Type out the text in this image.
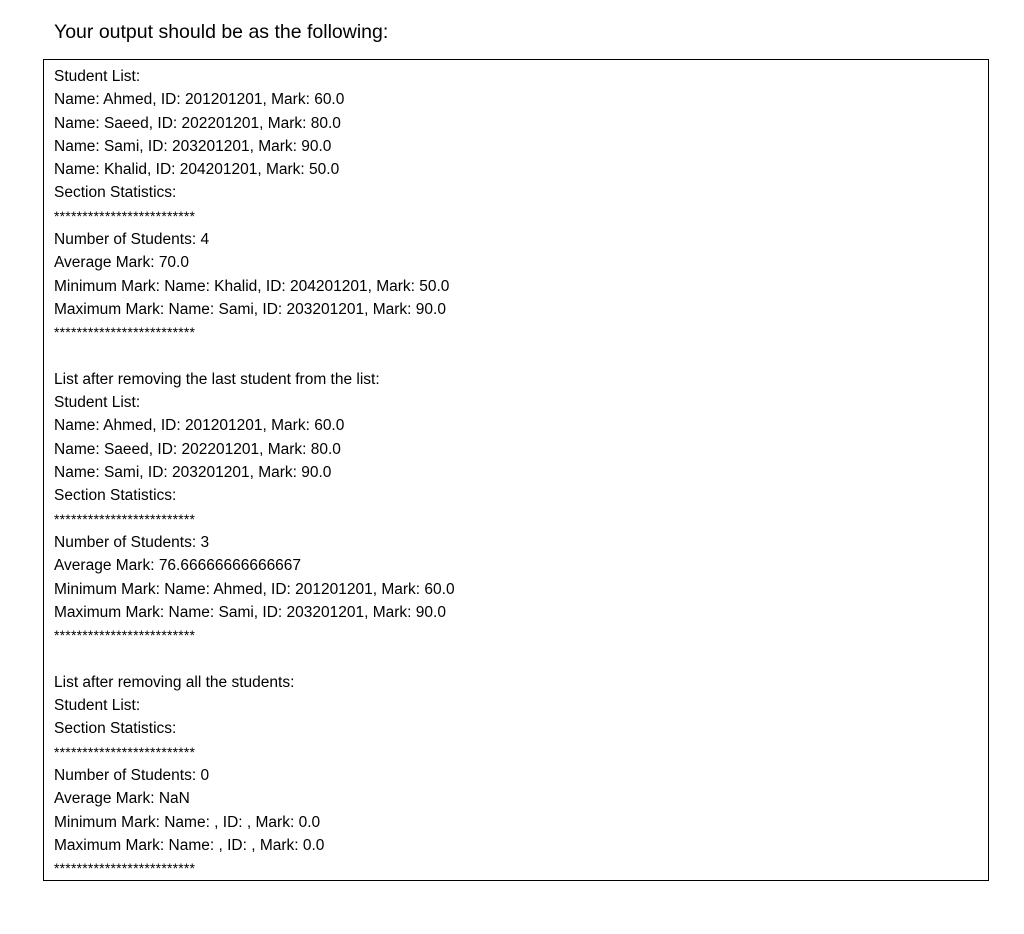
Your output should be as the following:
Student List:
Name: Ahmed, ID: 201201201, Mark: 60.0
Name: Saeed, ID: 202201201, Mark: 80.0
Name: Sami, ID: 203201201, Mark: 90.0
Name: Khalid, ID: 204201201, Mark: 50.0
Section Statistics:
*************************
Number of Students: 4
Average Mark: 70.0
Minimum Mark: Name: Khalid, ID: 204201201, Mark: 50.0
Maximum Mark: Name: Sami, ID: 203201201, Mark: 90.0
*************************
List after removing the last student from the list:
Student List:
Name: Ahmed, ID: 201201201, Mark: 60.0
Name: Saeed, ID: 202201201, Mark: 80.0
Name: Sami, ID: 203201201, Mark: 90.0
Section Statistics:
*************************
Number of Students: 3
Average Mark: 76.66666666666667
Minimum Mark: Name: Ahmed, ID: 201201201, Mark: 60.0
Maximum Mark: Name: Sami, ID: 203201201, Mark: 90.0
*************************
List after removing all the students:
Student List:
Section Statistics:
*************************
Number of Students: 0
Average Mark: NaN
Minimum Mark: Name: , ID: , Mark: 0.0
Maximum Mark: Name: , ID: , Mark: 0.0
*************************
